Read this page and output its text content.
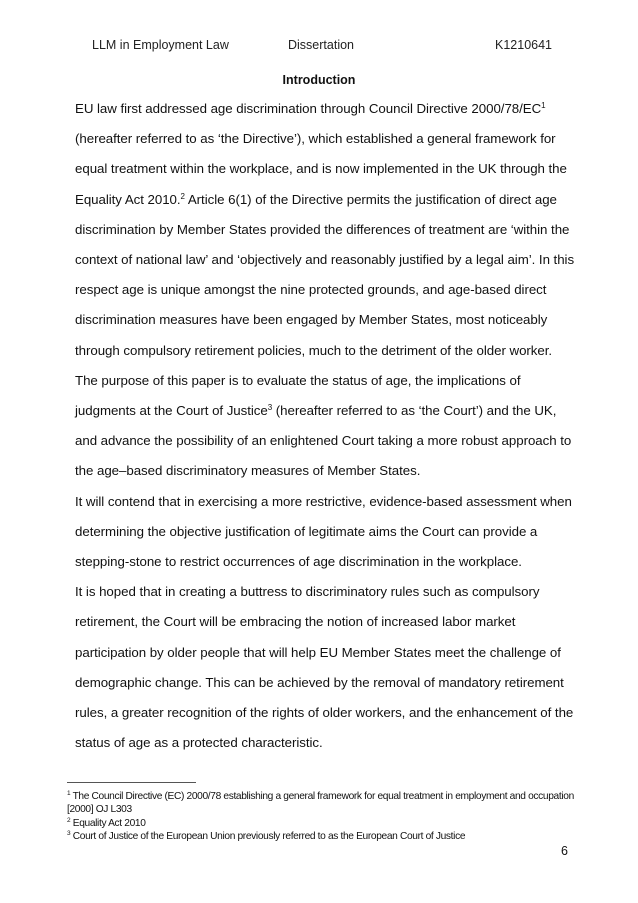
LLM in Employment Law	Dissertation	K1210641
Introduction

EU law first addressed age discrimination through Council Directive $2000/78/EC^1$ (hereafter referred to as ‘the Directive’), which established a general framework for equal treatment within the workplace, and is now implemented in the UK through the Equality Act 2010.$^2$ Article 6(1) of the Directive permits the justification of direct age discrimination by Member States provided the differences of treatment are ‘within the context of national law’ and ‘objectively and reasonably justified by a legal aim’. In this respect age is unique amongst the nine protected grounds, and age-based direct discrimination measures have been engaged by Member States, most noticeably through compulsory retirement policies, much to the detriment of the older worker.

The purpose of this paper is to evaluate the status of age, the implications of judgments at the Court of Justice$^3$ (hereafter referred to as ‘the Court’) and the UK, and advance the possibility of an enlightened Court taking a more robust approach to the age–based discriminatory measures of Member States.

It will contend that in exercising a more restrictive, evidence-based assessment when determining the objective justification of legitimate aims the Court can provide a stepping-stone to restrict occurrences of age discrimination in the workplace.

It is hoped that in creating a buttress to discriminatory rules such as compulsory retirement, the Court will be embracing the notion of increased labor market participation by older people that will help EU Member States meet the challenge of demographic change. This can be achieved by the removal of mandatory retirement rules, a greater recognition of the rights of older workers, and the enhancement of the status of age as a protected characteristic.

$^1$ The Council Directive (EC) 2000/78 establishing a general framework for equal treatment in employment and occupation [2000] OJ L303

$^2$ Equality Act 2010

$^3$ Court of Justice of the European Union previously referred to as the European Court of Justice

6
